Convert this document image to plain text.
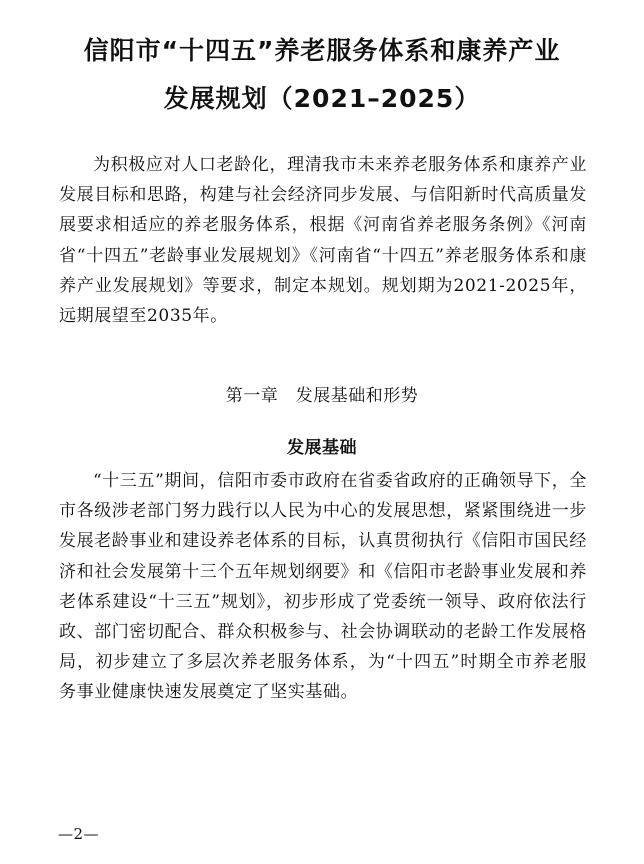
信阳市“十四五”养老服务体系和康养产业
发展规划（2021–2025）

为积极应对人口老龄化，理清我市未来养老服务体系和康养产业发展目标和思路，构建与社会经济同步发展、与信阳新时代高质量发展要求相适应的养老服务体系，根据《河南省养老服务条例》《河南省“十四五”老龄事业发展规划》《河南省“十四五”养老服务体系和康养产业发展规划》等要求，制定本规划。规划期为2021-2025年，远期展望至2035年。

第一章　发展基础和形势
发展基础

“十三五”期间，信阳市委市政府在省委省政府的正确领导下，全市各级涉老部门努力践行以人民为中心的发展思想，紧紧围绕进一步发展老龄事业和建设养老体系的目标，认真贯彻执行《信阳市国民经济和社会发展第十三个五年规划纲要》和《信阳市老龄事业发展和养老体系建设“十三五”规划》，初步形成了党委统一领导、政府依法行政、部门密切配合、群众积极参与、社会协调联动的老龄工作发展格局，初步建立了多层次养老服务体系，为“十四五”时期全市养老服务事业健康快速发展奠定了坚实基础。

—2—
